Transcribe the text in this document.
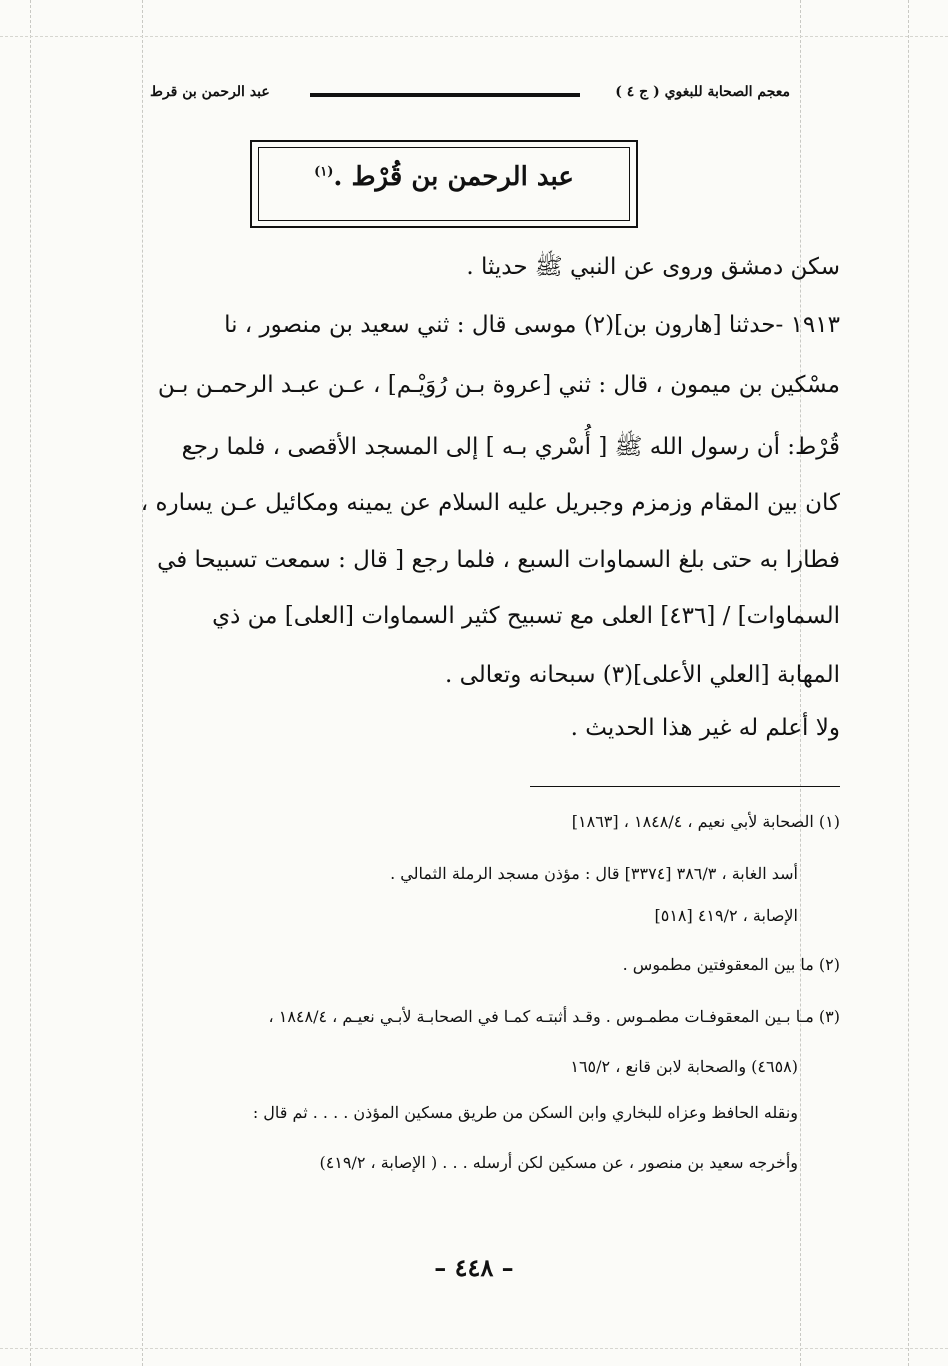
معجم الصحابة للبغوي ( ج ٤ )
عبد الرحمن بن قرط
عبد الرحمن بن قُرْط .$^{(١)}$
سكن دمشق وروى عن النبي ﷺ حديثا .
١٩١٣ -حدثنا [هارون بن](٢) موسى قال : ثني سعيد بن منصور ، نا
مسْكين بن ميمون ، قال : ثني [عروة بـن رُوَيْـم] ، عـن عبـد الرحمـن بـن
قُرْط: أن رسول الله ﷺ [ أُسْري بـه ] إلى المسجد الأقصى ، فلما رجع
كان بين المقام وزمزم وجبريل عليه السلام عن يمينه ومكائيل عـن يساره ،
فطارا به حتى بلغ السماوات السبع ، فلما رجع [ قال : سمعت تسبيحا في
السماوات] / [٤٣٦] العلى مع تسبيح كثير السماوات [العلى] من ذي
المهابة [العلي الأعلى](٣) سبحانه وتعالى .
ولا أعلم له غير هذا الحديث .
(١) الصحابة لأبي نعيم ، ١٨٤٨/٤ ، [١٨٦٣]
أسد الغابة ، ٣٨٦/٣ [٣٣٧٤] قال : مؤذن مسجد الرملة الثمالي .
الإصابة ، ٤١٩/٢ [٥١٨]
(٢) ما بين المعقوفتين مطموس .
(٣) مـا بـين المعقوفـات مطمـوس . وقـد أثبتـه كمـا في الصحابـة لأبـي نعيـم ، ١٨٤٨/٤ ،
(٤٦٥٨) والصحابة لابن قانع ، ١٦٥/٢
ونقله الحافظ وعزاه للبخاري وابن السكن من طريق مسكين المؤذن . . . . ثم قال :
وأخرجه سعيد بن منصور ، عن مسكين لكن أرسله . . . ( الإصابة ، ٤١٩/٢)
– ٤٤٨ –
